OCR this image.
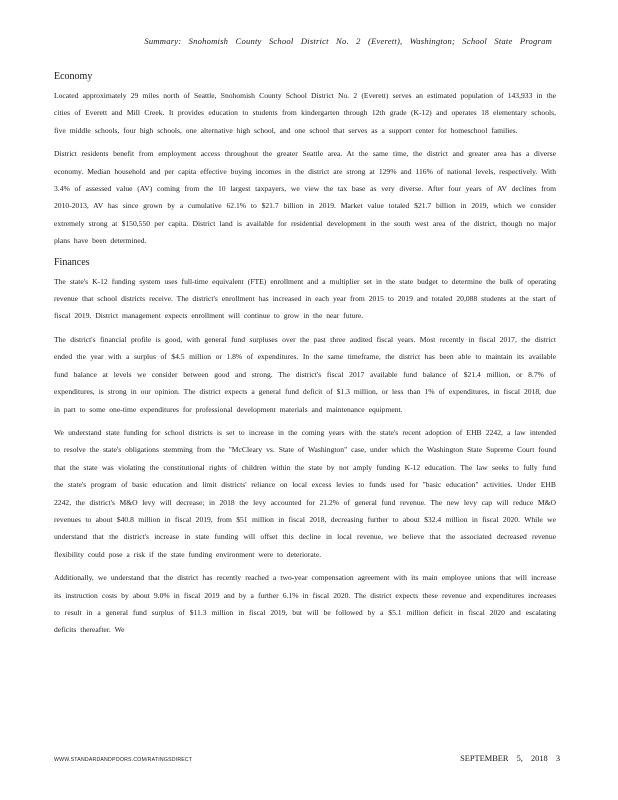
Summary: Snohomish County School District No. 2 (Everett), Washington; School State Program
Economy

Located approximately 29 miles north of Seattle, Snohomish County School District No. 2 (Everett) serves an estimated population of 143,933 in the cities of Everett and Mill Creek. It provides education to students from kindergarten through 12th grade (K-12) and operates 18 elementary schools, five middle schools, four high schools, one alternative high school, and one school that serves as a support center for homeschool families.

District residents benefit from employment access throughout the greater Seattle area. At the same time, the district and greater area has a diverse economy. Median household and per capita effective buying incomes in the district are strong at 129% and 116% of national levels, respectively. With 3.4% of assessed value (AV) coming from the 10 largest taxpayers, we view the tax base as very diverse. After four years of AV declines from 2010-2013, AV has since grown by a cumulative 62.1% to $21.7 billion in 2019. Market value totaled $21.7 billion in 2019, which we consider extremely strong at $150,550 per capita. District land is available for residential development in the south west area of the district, though no major plans have been determined.

Finances

The state's K-12 funding system uses full-time equivalent (FTE) enrollment and a multiplier set in the state budget to determine the bulk of operating revenue that school districts receive. The district's enrollment has increased in each year from 2015 to 2019 and totaled 20,088 students at the start of fiscal 2019. District management expects enrollment will continue to grow in the near future.

The district's financial profile is good, with general fund surpluses over the past three audited fiscal years. Most recently in fiscal 2017, the district ended the year with a surplus of $4.5 million or 1.8% of expenditures. In the same timeframe, the district has been able to maintain its available fund balance at levels we consider between good and strong. The district's fiscal 2017 available fund balance of $21.4 million, or 8.7% of expenditures, is strong in our opinion. The district expects a general fund deficit of $1.3 million, or less than 1% of expenditures, in fiscal 2018, due in part to some one-time expenditures for professional development materials and maintenance equipment.

We understand state funding for school districts is set to increase in the coming years with the state's recent adoption of EHB 2242, a law intended to resolve the state's obligations stemming from the "McCleary vs. State of Washington" case, under which the Washington State Supreme Court found that the state was violating the constitutional rights of children within the state by not amply funding K-12 education. The law seeks to fully fund the state's program of basic education and limit districts' reliance on local excess levies to funds used for "basic education" activities. Under EHB 2242, the district's M&O levy will decrease; in 2018 the levy accounted for 21.2% of general fund revenue. The new levy cap will reduce M&O revenues to about $40.8 million in fiscal 2019, from $51 million in fiscal 2018, decreasing further to about $32.4 million in fiscal 2020. While we understand that the district's increase in state funding will offset this decline in local revenue, we believe that the associated decreased revenue flexibility could pose a risk if the state funding environment were to deteriorate.

Additionally, we understand that the district has recently reached a two-year compensation agreement with its main employee unions that will increase its instruction costs by about 9.0% in fiscal 2019 and by a further 6.1% in fiscal 2020. The district expects these revenue and expenditures increases to result in a general fund surplus of $11.3 million in fiscal 2019, but will be followed by a $5.1 million deficit in fiscal 2020 and escalating deficits thereafter. We

WWW.STANDARDANDPOORS.COM/RATINGSDIRECT	SEPTEMBER 5, 2018 3
